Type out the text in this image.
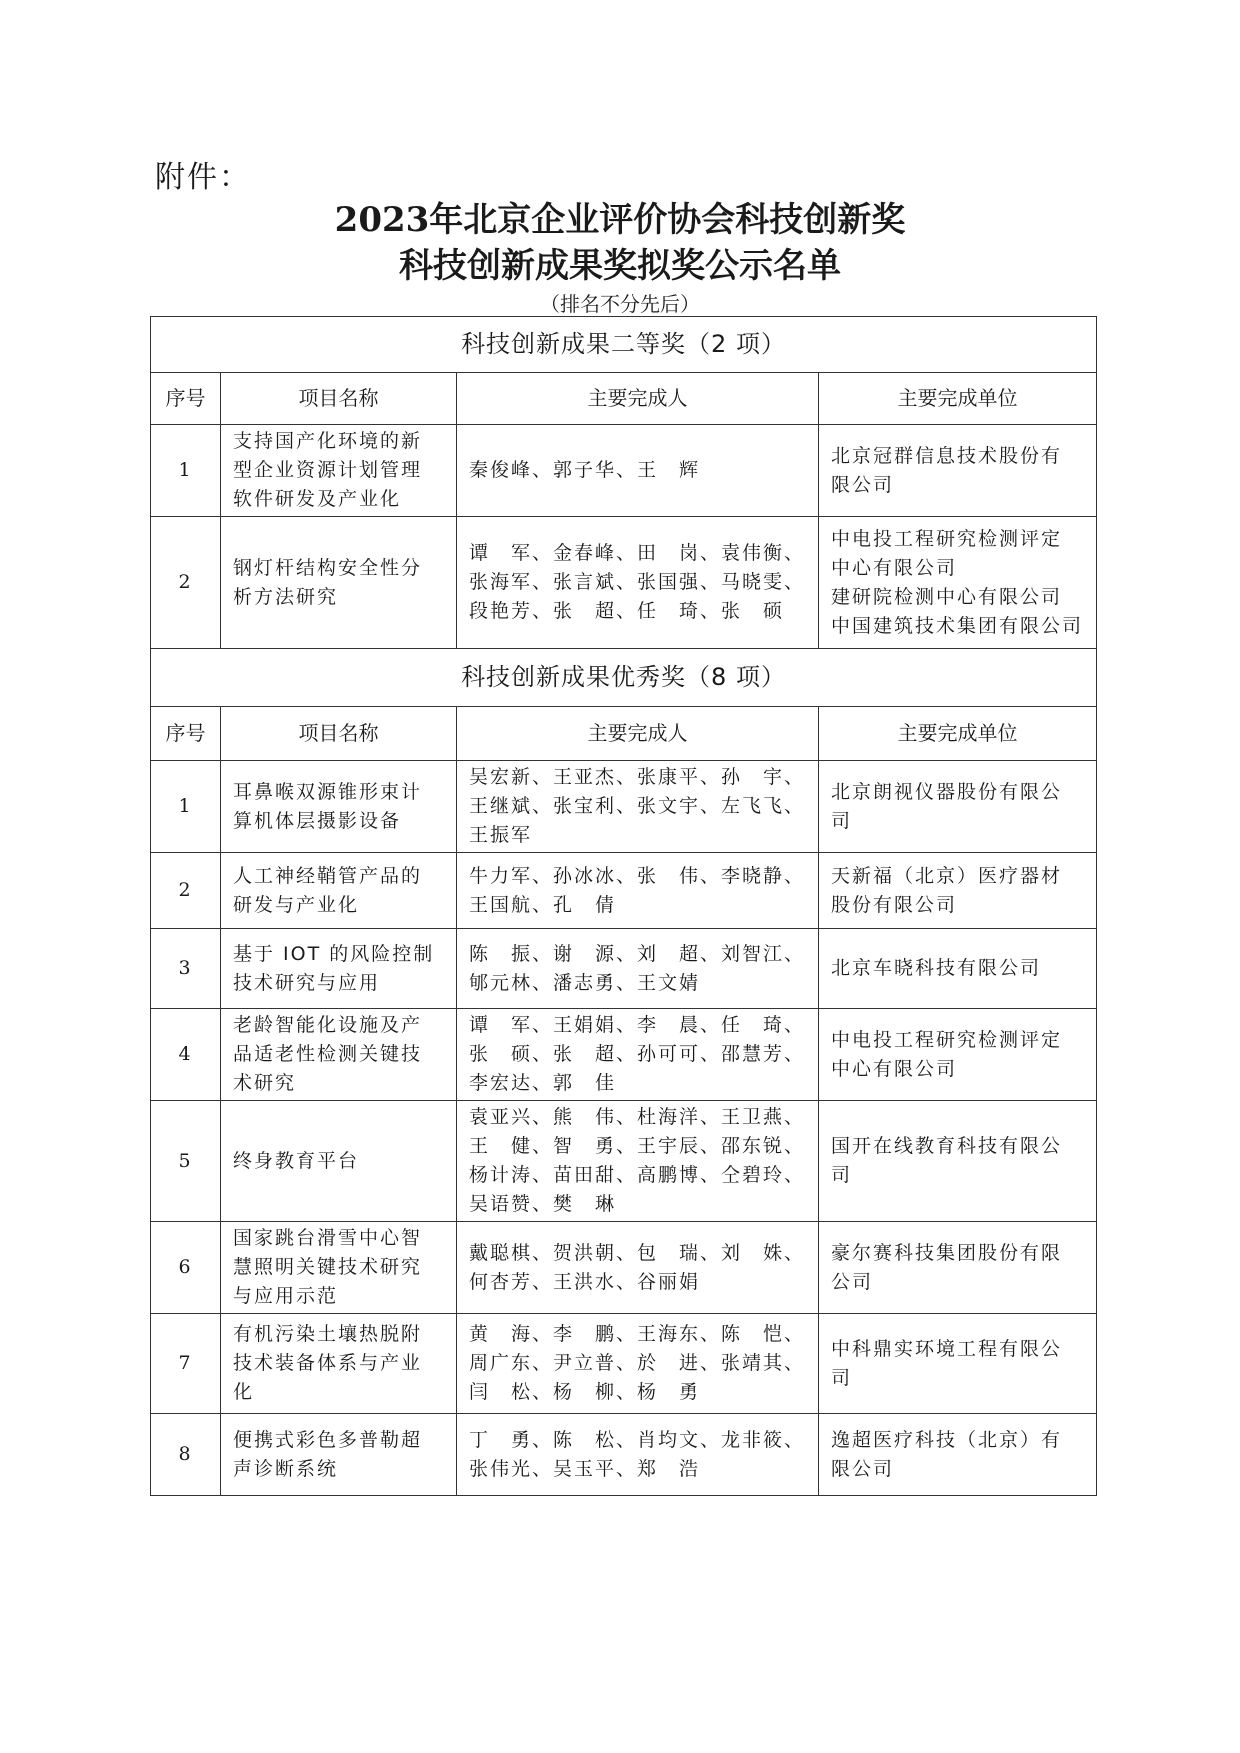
附件：
2023年北京企业评价协会科技创新奖
科技创新成果奖拟奖公示名单
（排名不分先后）
科技创新成果二等奖（2 项）			
序号	项目名称	主要完成人	主要完成单位
1	支持国产化环境的新
型企业资源计划管理
软件研发及产业化	秦俊峰、郭子华、王　辉	北京冠群信息技术股份有
限公司

2	钢灯杆结构安全性分
析方法研究	谭　军、金春峰、田　岗、袁伟衡、
张海军、张言斌、张国强、马晓雯、
段艳芳、张　超、任　琦、张　硕	中电投工程研究检测评定
中心有限公司
建研院检测中心有限公司
中国建筑技术集团有限公司

科技创新成果优秀奖（8 项）			
序号	项目名称	主要完成人	主要完成单位
1	耳鼻喉双源锥形束计
算机体层摄影设备	吴宏新、王亚杰、张康平、孙　宇、
王继斌、张宝利、张文宇、左飞飞、
王振军	北京朗视仪器股份有限公
司

2	人工神经鞘管产品的
研发与产业化	牛力军、孙冰冰、张　伟、李晓静、
王国航、孔　倩	天新福（北京）医疗器材
股份有限公司

3	基于 IOT 的风险控制
技术研究与应用	陈　振、谢　源、刘　超、刘智江、
郇元林、潘志勇、王文婧	北京车晓科技有限公司

4	老龄智能化设施及产
品适老性检测关键技
术研究	谭　军、王娟娟、李　晨、任　琦、
张　硕、张　超、孙可可、邵慧芳、
李宏达、郭　佳	中电投工程研究检测评定
中心有限公司

5	终身教育平台	袁亚兴、熊　伟、杜海洋、王卫燕、
王　健、智　勇、王宇辰、邵东锐、
杨计涛、苗田甜、高鹏博、仝碧玲、
吴语赞、樊　琳	国开在线教育科技有限公
司

6	国家跳台滑雪中心智
慧照明关键技术研究
与应用示范	戴聪棋、贺洪朝、包　瑞、刘　姝、
何杏芳、王洪水、谷丽娟	豪尔赛科技集团股份有限
公司

7	有机污染土壤热脱附
技术装备体系与产业
化	黄　海、李　鹏、王海东、陈　恺、
周广东、尹立普、於　进、张靖其、
闫　松、杨　柳、杨　勇	中科鼎实环境工程有限公
司

8	便携式彩色多普勒超
声诊断系统	丁　勇、陈　松、肖均文、龙非筱、
张伟光、吴玉平、郑　浩	逸超医疗科技（北京）有
限公司
